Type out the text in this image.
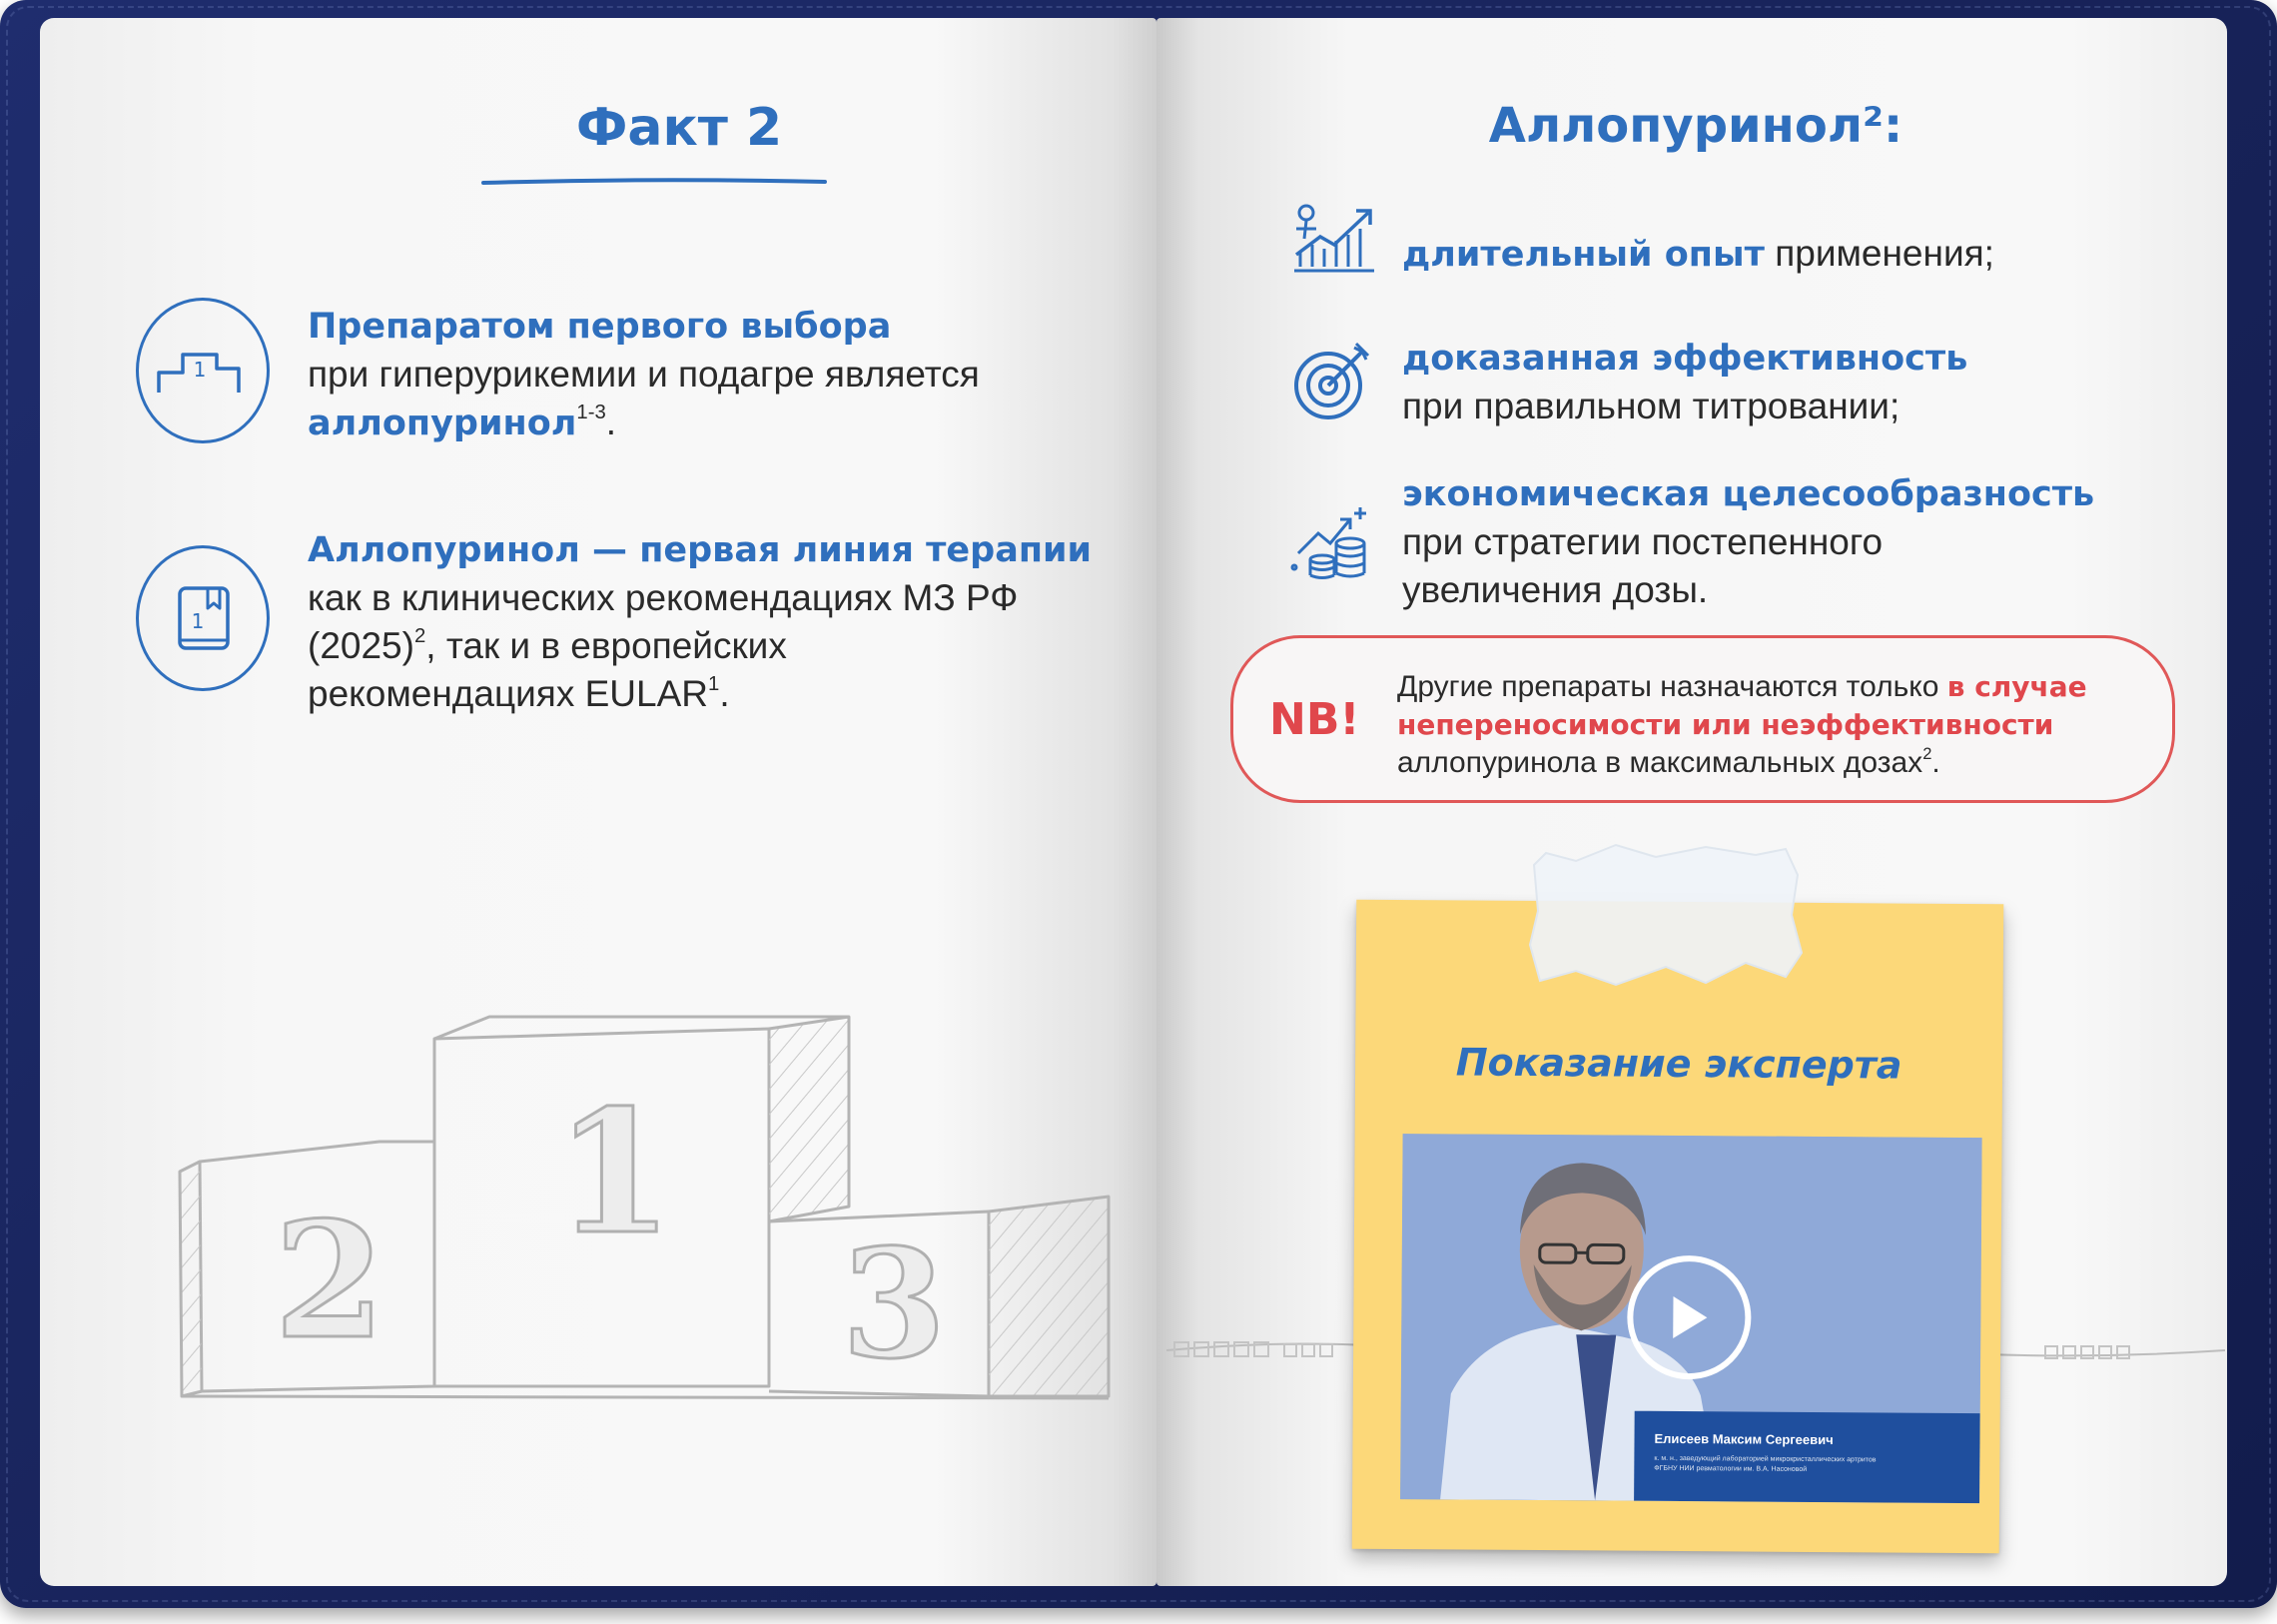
Факт 2
1
Препаратом первого выбора
при гиперурикемии и подагре является
аллопуринол$^{1-3}$.
1
Аллопуринол — первая линия терапии
как в клинических рекомендациях МЗ РФ
$(2025)^2$, так и в европейских
рекомендациях EULAR$^1$.
1
2	3
Аллопуринол²:
длительный опыт применения;
доказанная эффективность
при правильном титровании;
экономическая целесообразность
при стратегии постепенного
увеличения дозы.
NB!
Другие препараты назначаются только в случае
непереносимости или неэффективности
аллопуринола в максимальных дозах$^2$.
Показание эксперта
Елисеев Максим Сергеевич
к. м. н., заведующий лабораторией микрокристаллических артритов
ФГБНУ НИИ ревматологии им. В.А. Насоновой
